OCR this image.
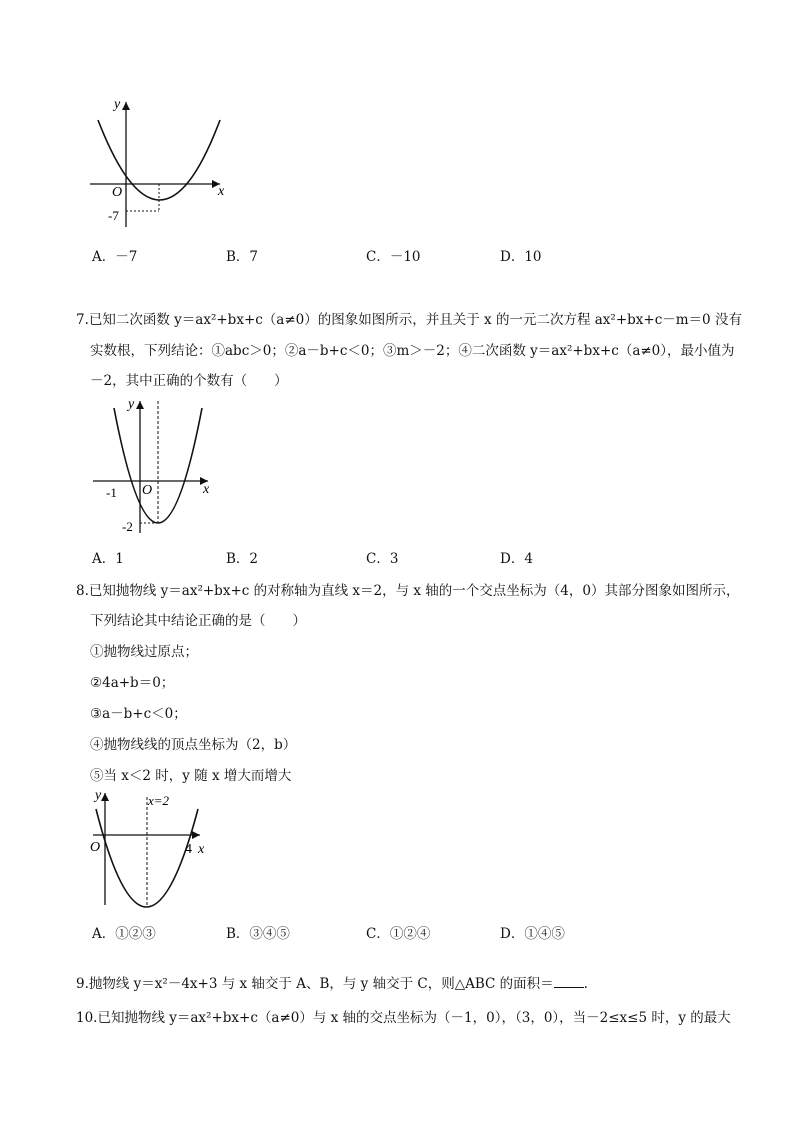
y
x
O
-7
A．－7	B．7	C．－10	D．10
7.已知二次函数 y＝ax²+bx+c（a≠0）的图象如图所示，并且关于 x 的一元二次方程 ax²+bx+c－m＝0 没有
实数根，下列结论：①abc＞0；②a－b+c＜0；③m＞－2；④二次函数 y＝ax²+bx+c（a≠0），最小值为
－2，其中正确的个数有（　　）
y
x
O
-1
-2
A．1	B．2	C．3	D．4
8.已知抛物线 y＝ax²+bx+c 的对称轴为直线 x＝2，与 x 轴的一个交点坐标为（4，0）其部分图象如图所示，
下列结论其中结论正确的是（　　）
①抛物线过原点；
②4a+b＝0；
③a－b+c＜0；
④抛物线线的顶点坐标为（2，b）
⑤当 x＜2 时，y 随 x 增大而增大
y	x=2
O	4 x
A．①②③	B．③④⑤	C．①②④	D．①④⑤
9.抛物线 y＝x²－4x+3 与 x 轴交于 A、B，与 y 轴交于 C，则△ABC 的面积＝ .
10.已知抛物线 y＝ax²+bx+c（a≠0）与 x 轴的交点坐标为（－1，0），（3，0），当－2≤x≤5 时，y 的最大
